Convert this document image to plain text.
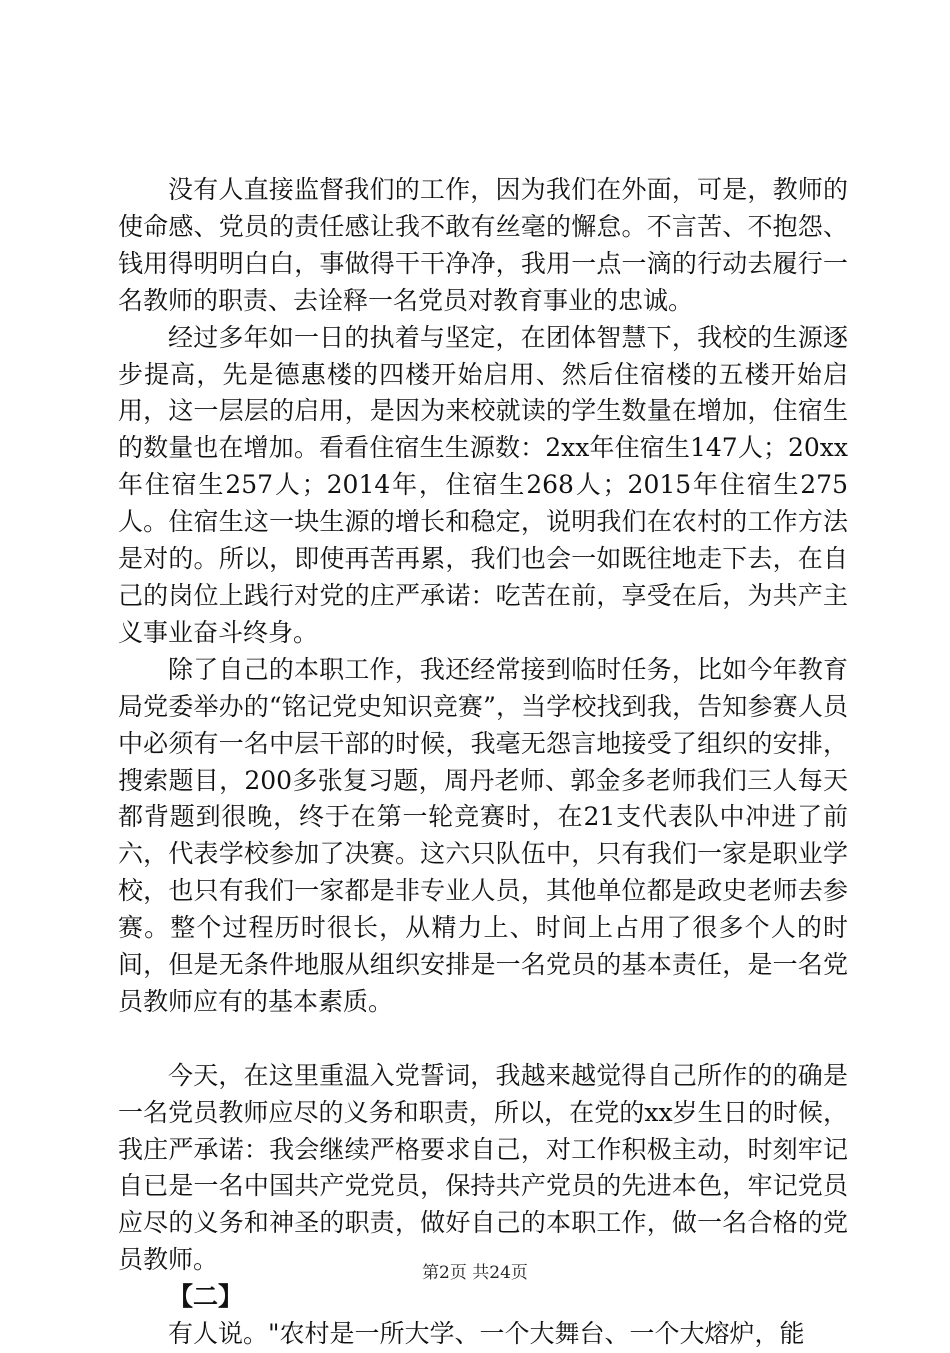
没有人直接监督我们的工作，因为我们在外面，可是，教师的使命感、党员的责任感让我不敢有丝毫的懈怠。不言苦、不抱怨、钱用得明明白白，事做得干干净净，我用一点一滴的行动去履行一名教师的职责、去诠释一名党员对教育事业的忠诚。

经过多年如一日的执着与坚定，在团体智慧下，我校的生源逐步提高，先是德惠楼的四楼开始启用、然后住宿楼的五楼开始启用，这一层层的启用，是因为来校就读的学生数量在增加，住宿生的数量也在增加。看看住宿生生源数：2xx年住宿生147人；20xx年住宿生257人；2014年，住宿生268人；2015年住宿生275人。住宿生这一块生源的增长和稳定，说明我们在农村的工作方法是对的。所以，即使再苦再累，我们也会一如既往地走下去，在自己的岗位上践行对党的庄严承诺：吃苦在前，享受在后，为共产主义事业奋斗终身。

除了自己的本职工作，我还经常接到临时任务，比如今年教育局党委举办的“铭记党史知识竞赛”，当学校找到我，告知参赛人员中必须有一名中层干部的时候，我毫无怨言地接受了组织的安排，搜索题目，200多张复习题，周丹老师、郭金多老师我们三人每天都背题到很晚，终于在第一轮竞赛时，在21支代表队中冲进了前六，代表学校参加了决赛。这六只队伍中，只有我们一家是职业学校，也只有我们一家都是非专业人员，其他单位都是政史老师去参赛。整个过程历时很长，从精力上、时间上占用了很多个人的时间，但是无条件地服从组织安排是一名党员的基本责任，是一名党员教师应有的基本素质。

今天，在这里重温入党誓词，我越来越觉得自己所作的的确是一名党员教师应尽的义务和职责，所以，在党的xx岁生日的时候，我庄严承诺：我会继续严格要求自己，对工作积极主动，时刻牢记自已是一名中国共产党党员，保持共产党员的先进本色，牢记党员应尽的义务和神圣的职责，做好自己的本职工作，做一名合格的党员教师。

【二】

有人说。"农村是一所大学、一个大舞台、一个大熔炉，能

第2页 共24页
